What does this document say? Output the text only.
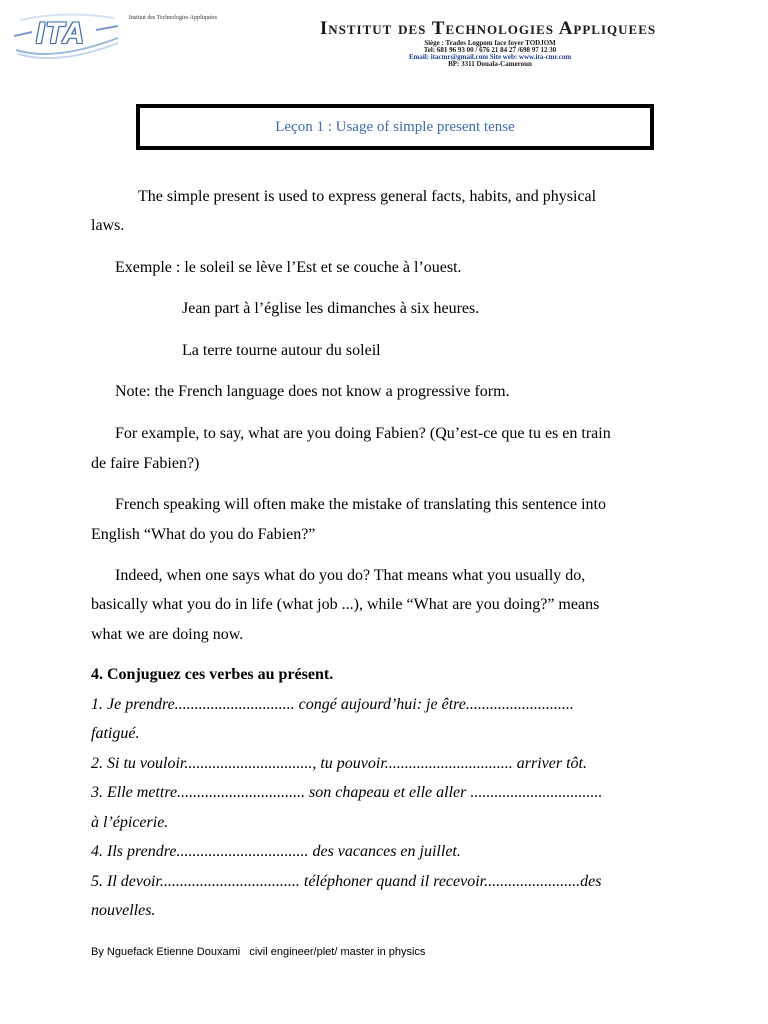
ITA	Institut des Technologies Appliquées	Institut des Technologies Appliquees
Siège : Trades Logpom face foyer TODJOM
Tel: 681 96 93 00 / 676 21 84 27 /698 97 12 30
Email: itacmr@gmail.com Site web: www.ita-cmr.com
BP: 3311 Douala-Cameroun
Leçon 1 : Usage of simple present tense
The simple present is used to express general facts, habits, and physical
laws.
Exemple : le soleil se lève l’Est et se couche à l’ouest.
Jean part à l’église les dimanches à six heures.
La terre tourne autour du soleil
Note: the French language does not know a progressive form.
For example, to say, what are you doing Fabien? (Qu’est-ce que tu es en train
de faire Fabien?)
French speaking will often make the mistake of translating this sentence into
English “What do you do Fabien?”
Indeed, when one says what do you do? That means what you usually do,
basically what you do in life (what job ...), while “What are you doing?” means
what we are doing now.
4. Conjuguez ces verbes au présent.
1. Je prendre.............................. congé aujourd’hui: je être...........................
fatigué.
2. Si tu vouloir................................, tu pouvoir................................ arriver tôt.
3. Elle mettre................................ son chapeau et elle aller .................................
à l’épicerie.
4. Ils prendre................................. des vacances en juillet.
5. Il devoir................................... téléphoner quand il recevoir........................des
nouvelles.
By Nguefack Etienne Douxami   civil engineer/plet/ master in physics
